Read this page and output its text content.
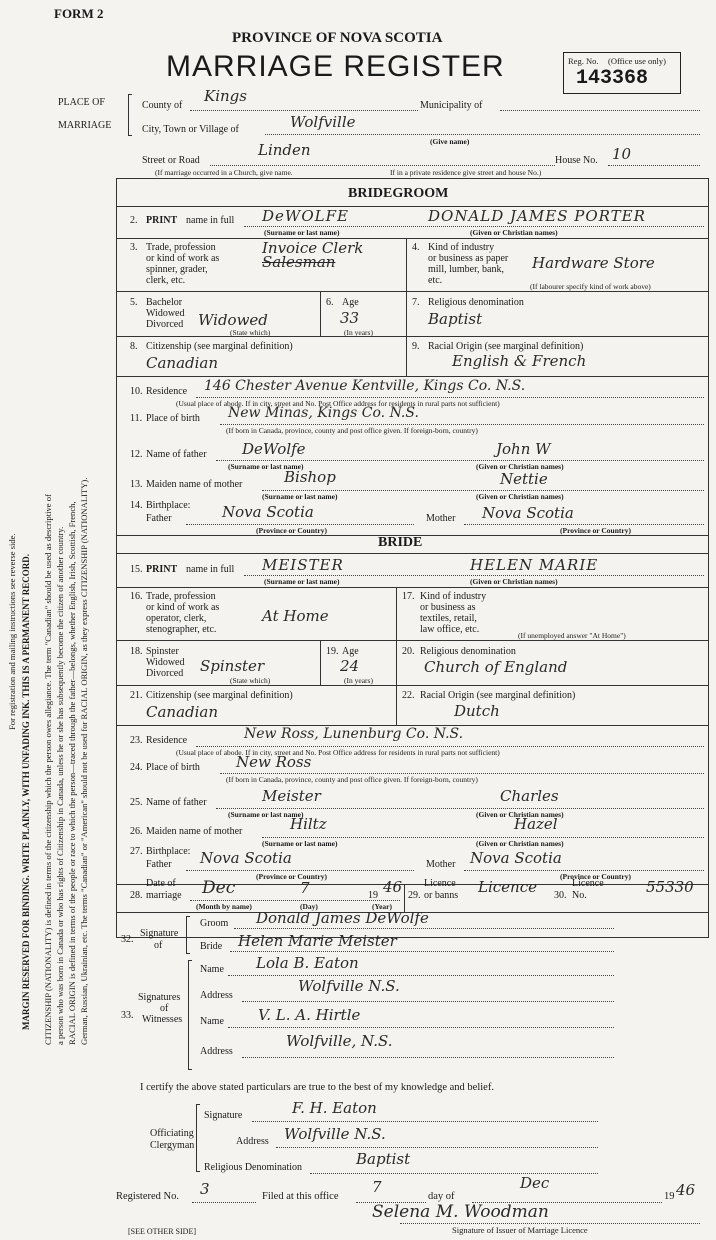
For registration and mailing instructions see reverse side. MARGIN RESERVED FOR BINDING. WRITE PLAINLY, WITH UNFADING INK. THIS IS A PERMANENT RECORD. CITIZENSHIP (NATIONALITY) is defined in terms of the citizenship which the person owes allegiance. The term "Canadian" should be used as descriptive of a person who was born in Canada or who has rights of Citizenship in Canada, unless he or she has subsequently become the citizen of another country. RACIAL ORIGIN is defined in terms of the people or race to which the person—traced through the father—belongs, whether English, Irish, Scottish, French, German, Russian, Ukrainian, etc. The terms "Canadian" or "American" should not be used for RACIAL ORIGIN, as they express CITIZENSHIP (NATIONALITY).
FORM 2
PROVINCE OF NOVA SCOTIA
MARRIAGE REGISTER	Reg. No. (Office use only)
143368
PLACE OF
MARRIAGE
County of
Kings
Municipality of
City, Town or Village of	Wolfville
(Give name)
Street or Road
Linden
House No. 10
(If marriage occurred in a Church, give name.	If in a private residence give street and house No.)
BRIDEGROOM
2. PRINT name in full DeWOLFE	DONALD JAMES PORTER
(Surname or last name)	(Given or Christian names)
3. Trade, profession
or kind of work as
spinner, grader,
clerk, etc.
Invoice Clerk
Salesman
4. Kind of industry
or business as paper
mill, lumber, bank,
etc.
Hardware Store
(If labourer specify kind of work above)
5. Bachelor
Widowed
Divorced Widowed
(State which)
6. Age
33
(In years)
7. Religious denomination
Baptist
8. Citizenship (see marginal definition)
Canadian
9. Racial Origin (see marginal definition)
English & French
10. Residence 146 Chester Avenue Kentville, Kings Co. N.S.
(Usual place of abode. If in city, street and No. Post Office address for residents in rural parts not sufficient)
11. Place of birth New Minas, Kings Co. N.S.
(If born in Canada, province, county and post office given. If foreign-born, country)
12. Name of father DeWolfe	John W
(Surname or last name)	(Given or Christian names)
13. Maiden name of mother	Bishop	Nettie
(Surname or last name)	(Given or Christian names)
14. Birthplace:
Father	Nova Scotia	Mother Nova Scotia
(Province or Country)	(Province or Country)
BRIDE
15. PRINT name in full MEISTER	HELEN MARIE
(Surname or last name)	(Given or Christian names)
16. Trade, profession
or kind of work as
operator, clerk,
stenographer, etc.
At Home
17. Kind of industry
or business as
textiles, retail,
law office, etc.
(If unemployed answer "At Home")
18. Spinster
Widowed
Divorced Spinster
(State which)
19. Age
24
(In years)
20. Religious denomination
Church of England
21. Citizenship (see marginal definition)
Canadian
22. Racial Origin (see marginal definition)
Dutch
23. Residence	New Ross, Lunenburg Co. N.S.
(Usual place of abode. If in city, street and No. Post Office address for residents in rural parts not sufficient)
24. Place of birth New Ross
(If born in Canada, province, county and post office given. If foreign-born, country)
25. Name of father	Meister	Charles
(Surname or last name)	(Given or Christian names)
26. Maiden name of mother	Hiltz	Hazel
(Surname or last name)	(Given or Christian names)
27. Birthplace:
Father Nova Scotia	Mother Nova Scotia
(Province or Country)	(Province or Country)
28.
Date of
marriage Dec	7	19 46
(Month by name)	(Day)	(Year)
29.
Licence
or banns Licence 30.
Licence
No.	55330
32.
Signature
of
Groom Donald James DeWolfe
Bride Helen Marie Meister
33.
Signatures
of
Witnesses
Name Lola B. Eaton
Address
Wolfville N.S.
Name V. L. A. Hirtle
Address
Wolfville, N.S.
I certify the above stated particulars are true to the best of my knowledge and belief.
Officiating
Clergyman
Signature	F. H. Eaton
Address Wolfville N.S.
Religious Denomination	Baptist
Registered No. 3	Filed at this office
7
day of
Dec
19 46
Selena M. Woodman
Signature of Issuer of Marriage Licence
[SEE OTHER SIDE]
